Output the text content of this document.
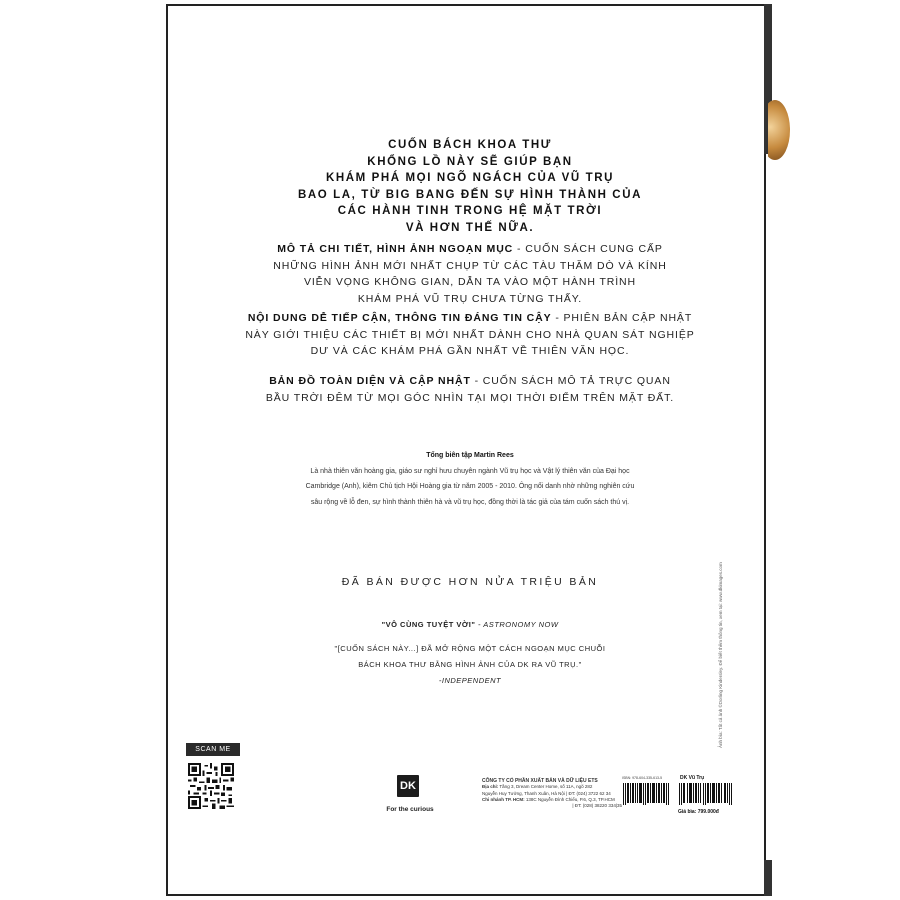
CUỐN BÁCH KHOA THƯ
KHỔNG LỒ NÀY SẼ GIÚP BẠN
KHÁM PHÁ MỌI NGÕ NGÁCH CỦA VŨ TRỤ
BAO LA, TỪ BIG BANG ĐẾN SỰ HÌNH THÀNH CỦA
CÁC HÀNH TINH TRONG HỆ MẶT TRỜI
VÀ HƠN THẾ NỮA.
MÔ TẢ CHI TIẾT, HÌNH ẢNH NGOẠN MỤC - CUỐN SÁCH CUNG CẤP
NHỮNG HÌNH ẢNH MỚI NHẤT CHỤP TỪ CÁC TÀU THĂM DÒ VÀ KÍNH
VIỄN VỌNG KHÔNG GIAN, DẪN TA VÀO MỘT HÀNH TRÌNH
KHÁM PHÁ VŨ TRỤ CHƯA TỪNG THẤY.
NỘI DUNG DỄ TIẾP CẬN, THÔNG TIN ĐÁNG TIN CẬY - PHIÊN BẢN CẬP NHẬT
NÀY GIỚI THIỆU CÁC THIẾT BỊ MỚI NHẤT DÀNH CHO NHÀ QUAN SÁT NGHIỆP
DƯ VÀ CÁC KHÁM PHÁ GẦN NHẤT VỀ THIÊN VĂN HỌC.
BẢN ĐỒ TOÀN DIỆN VÀ CẬP NHẬT - CUỐN SÁCH MÔ TẢ TRỰC QUAN
BẦU TRỜI ĐÊM TỪ MỌI GÓC NHÌN TẠI MỌI THỜI ĐIỂM TRÊN MẶT ĐẤT.
Tổng biên tập Martin Rees
Là nhà thiên văn hoàng gia, giáo sư nghỉ hưu chuyên ngành Vũ trụ học và Vật lý thiên văn của Đại học
Cambridge (Anh), kiêm Chủ tịch Hội Hoàng gia từ năm 2005 - 2010. Ông nổi danh nhờ những nghiên cứu
sâu rộng về lỗ đen, sự hình thành thiên hà và vũ trụ học, đồng thời là tác giả của tám cuốn sách thú vị.
ĐÃ BÁN ĐƯỢC HƠN NỬA TRIỆU BẢN
"VÔ CÙNG TUYỆT VỜI" - ASTRONOMY NOW
"[CUỐN SÁCH NÀY...] ĐÃ MỞ RỘNG MỘT CÁCH NGOẠN MỤC CHUỖI
BÁCH KHOA THƯ BẰNG HÌNH ẢNH CỦA DK RA VŨ TRỤ."
-INDEPENDENT	Ảnh bìa: Tất cả ảnh ©Dorling Kindersley. Để biết thêm thông tin, xem tại: www.dkimages.com
SCAN ME
DK
For the curious
CÔNG TY CỔ PHẦN XUẤT BẢN VÀ DỮ LIỆU ETS
Địa chỉ: Tầng 3, Dream Center Home, số 11A, ngõ 282
Nguyễn Huy Tưởng, Thanh Xuân, Hà Nội | ĐT: (024) 3722 62 34
Chi nhánh TP. HCM: 138C Nguyễn Đình Chiểu, P.6, Q.3, TP.HCM
| ĐT: (028) 38220 334|35
ISBN: 978-604-335-613-5	DK Vũ Trụ
Giá bìa: 799.000đ
